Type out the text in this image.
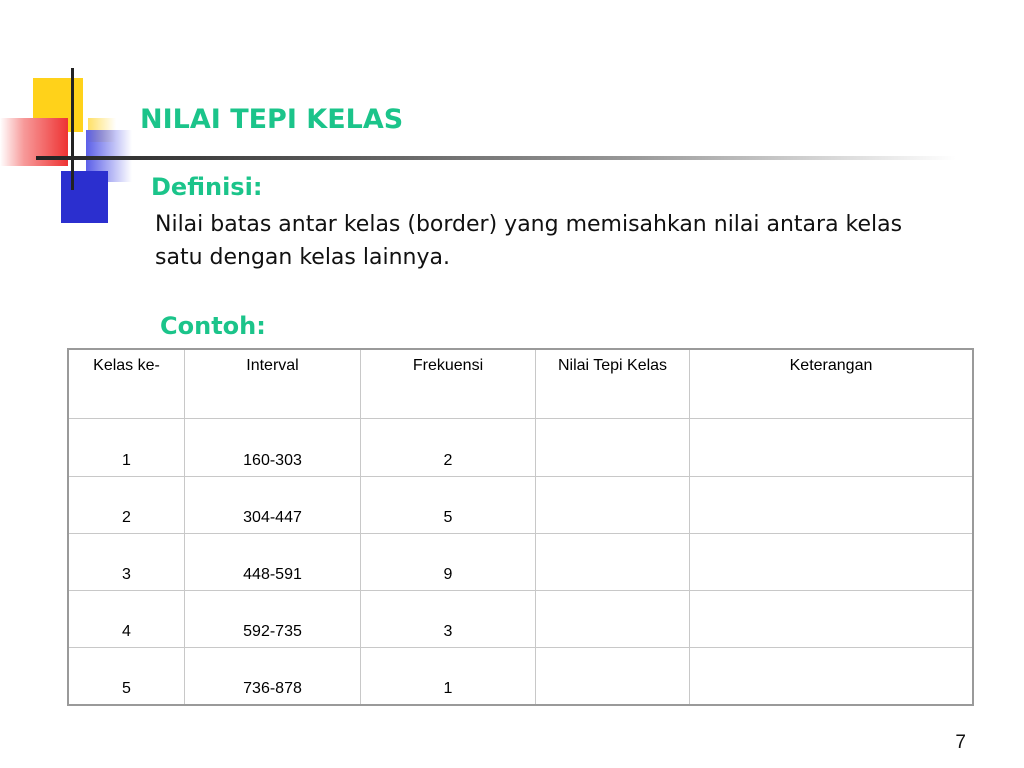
NILAI TEPI KELAS
Definisi:

Nilai batas antar kelas (border) yang memisahkan nilai antara kelas satu dengan kelas lainnya.

Contoh:
Kelas ke-	Interval	Frekuensi	Nilai Tepi Kelas	Keterangan
1	160-303	2		
2	304-447	5		
3	448-591	9		
4	592-735	3		
5	736-878	1		

7
